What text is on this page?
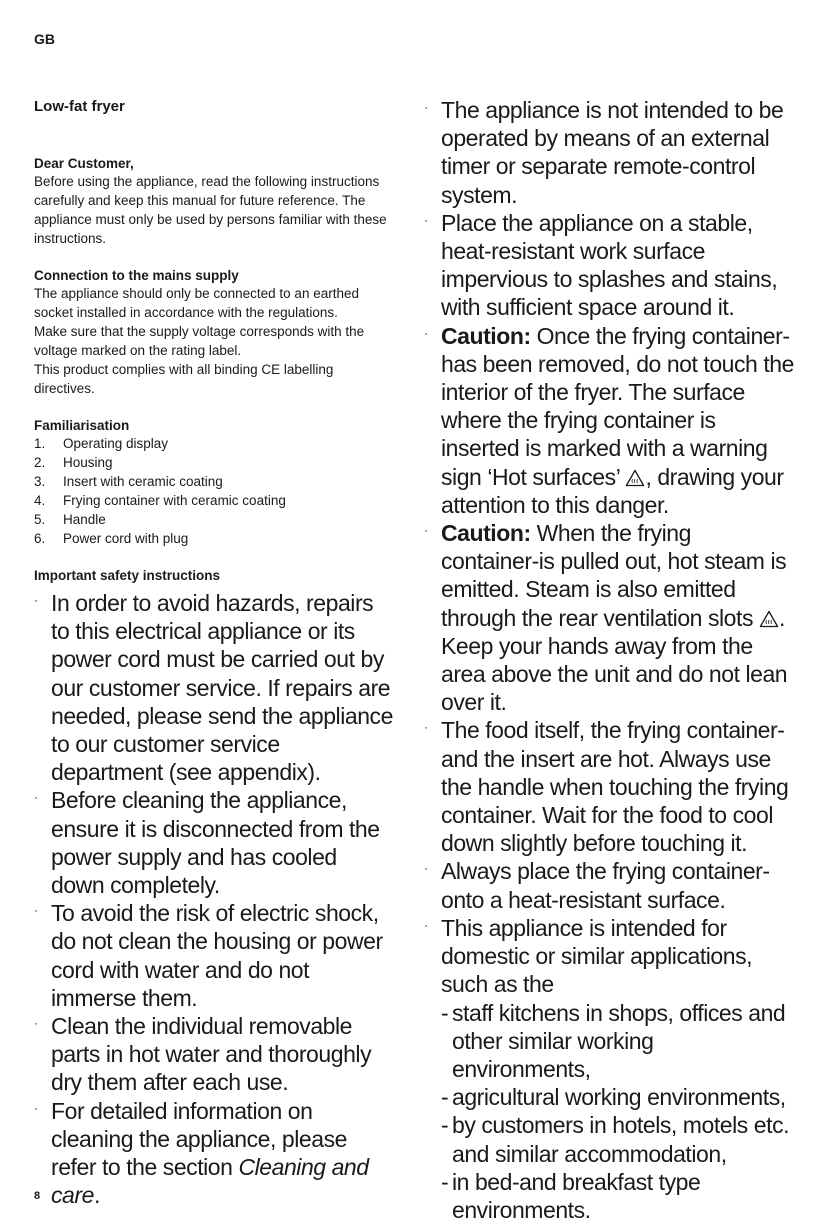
GB
Low-fat fryer
Dear Customer,

Before using the appliance, read the following instructions carefully and keep this manual for future reference. The appliance must only be used by persons familiar with these instructions.

Connection to the mains supply

The appliance should only be connected to an earthed socket installed in accordance with the regulations.

Make sure that the supply voltage corresponds with the voltage marked on the rating label.

This product complies with all binding CE labelling directives.

Familiarisation
1.	Operating display
2.	Housing
3.	Insert with ceramic coating
4.	Frying container with ceramic coating
5.	Handle
6.	Power cord with plug
Important safety instructions
· In order to avoid hazards, repairs to this electrical appliance or its power cord must be carried out by our customer service. If repairs are needed, please send the appliance to our customer service department (see appendix).
· Before cleaning the appliance, ensure it is disconnected from the power supply and has cooled down completely.
· To avoid the risk of electric shock, do not clean the housing or power cord with water and do not immerse them.
· Clean the individual removable parts in hot water and thoroughly dry them after each use.
· For detailed information on cleaning the appliance, please refer to the section Cleaning and care.
· The appliance is not intended to be operated by means of an external timer or separate remote-control system.
· Place the appliance on a stable, heat-resistant work surface impervious to splashes and stains, with sufficient space around it.
· Caution: Once the frying container-has been removed, do not touch the interior of the fryer. The surface where the frying container is inserted is marked with a warning sign ‘Hot surfaces’ , drawing your attention to this danger.
· Caution: When the frying container-is pulled out, hot steam is emitted. Steam is also emitted through the rear ventilation slots . Keep your hands away from the area above the unit and do not lean over it.
· The food itself, the frying container-and the insert are hot. Always use the handle when touching the frying container. Wait for the food to cool down slightly before touching it.
· Always place the frying container-onto a heat-resistant surface.
· This appliance is intended for domestic or similar applications, such as the
- staff kitchens in shops, offices and other similar working environments,
- agricultural working environments,
- by customers in hotels, motels etc. and similar accommodation,
- in bed-and breakfast type environments.
8
